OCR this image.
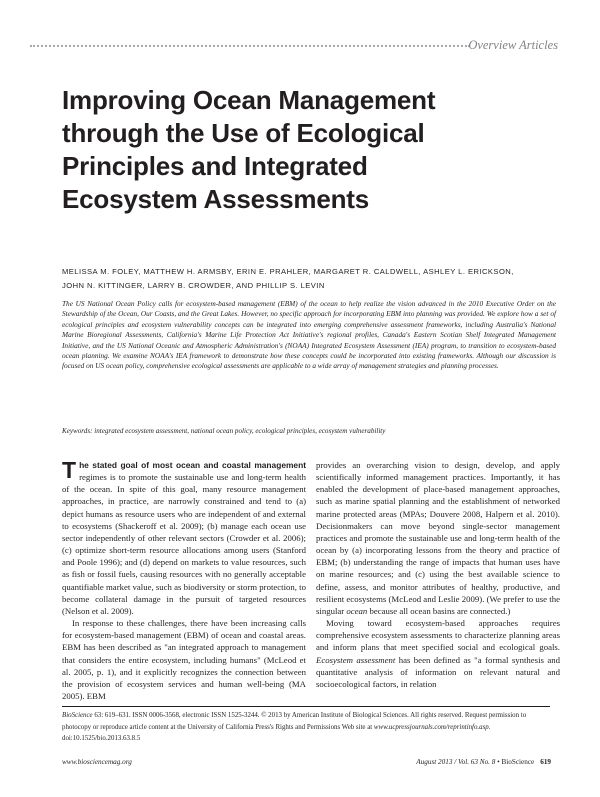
Overview Articles
Improving Ocean Management
through the Use of Ecological
Principles and Integrated
Ecosystem Assessments
MELISSA M. FOLEY, MATTHEW H. ARMSBY, ERIN E. PRAHLER, MARGARET R. CALDWELL, ASHLEY L. ERICKSON,
JOHN N. KITTINGER, LARRY B. CROWDER, AND PHILLIP S. LEVIN
The US National Ocean Policy calls for ecosystem-based management (EBM) of the ocean to help realize the vision advanced in the 2010 Executive Order on the Stewardship of the Ocean, Our Coasts, and the Great Lakes. However, no specific approach for incorporating EBM into planning was provided. We explore how a set of ecological principles and ecosystem vulnerability concepts can be integrated into emerging comprehensive assessment frameworks, including Australia's National Marine Bioregional Assessments, California's Marine Life Protection Act Initiative's regional profiles, Canada's Eastern Scotian Shelf Integrated Management Initiative, and the US National Oceanic and Atmospheric Administration's (NOAA) Integrated Ecosystem Assessment (IEA) program, to transition to ecosystem-based ocean planning. We examine NOAA's IEA framework to demonstrate how these concepts could be incorporated into existing frameworks. Although our discussion is focused on US ocean policy, comprehensive ecological assessments are applicable to a wide array of management strategies and planning processes.
Keywords: integrated ecosystem assessment, national ocean policy, ecological principles, ecosystem vulnerability

The stated goal of most ocean and coastal management regimes is to promote the sustainable use and long-term health of the ocean. In spite of this goal, many resource management approaches, in practice, are narrowly constrained and tend to (a) depict humans as resource users who are independent of and external to ecosystems (Shackeroff et al. 2009); (b) manage each ocean use sector independently of other relevant sectors (Crowder et al. 2006); (c) optimize short-term resource allocations among users (Stanford and Poole 1996); and (d) depend on markets to value resources, such as fish or fossil fuels, causing resources with no generally acceptable quantifiable market value, such as biodiversity or storm protection, to become collateral damage in the pursuit of targeted resources (Nelson et al. 2009).

In response to these challenges, there have been increasing calls for ecosystem-based management (EBM) of ocean and coastal areas. EBM has been described as "an integrated approach to management that considers the entire ecosystem, including humans" (McLeod et al. 2005, p. 1), and it explicitly recognizes the connection between the provision of ecosystem services and human well-being (MA 2005). EBM

provides an overarching vision to design, develop, and apply scientifically informed management practices. Importantly, it has enabled the development of place-based management approaches, such as marine spatial planning and the establishment of networked marine protected areas (MPAs; Douvere 2008, Halpern et al. 2010). Decisionmakers can move beyond single-sector management practices and promote the sustainable use and long-term health of the ocean by (a) incorporating lessons from the theory and practice of EBM; (b) understanding the range of impacts that human uses have on marine resources; and (c) using the best available science to define, assess, and monitor attributes of healthy, productive, and resilient ecosystems (McLeod and Leslie 2009). (We prefer to use the singular ocean because all ocean basins are connected.)

Moving toward ecosystem-based approaches requires comprehensive ecosystem assessments to characterize planning areas and inform plans that meet specified social and ecological goals. Ecosystem assessment has been defined as "a formal synthesis and quantitative analysis of information on relevant natural and socioecological factors, in relation

BioScience 63: 619–631. ISSN 0006-3568, electronic ISSN 1525-3244. © 2013 by American Institute of Biological Sciences. All rights reserved. Request permission to photocopy or reproduce article content at the University of California Press's Rights and Permissions Web site at www.ucpressjournals.com/reprintinfo.asp. doi:10.1525/bio.2013.63.8.5
www.biosciencemag.org	August 2013 / Vol. 63 No. 8 • BioScience 619
